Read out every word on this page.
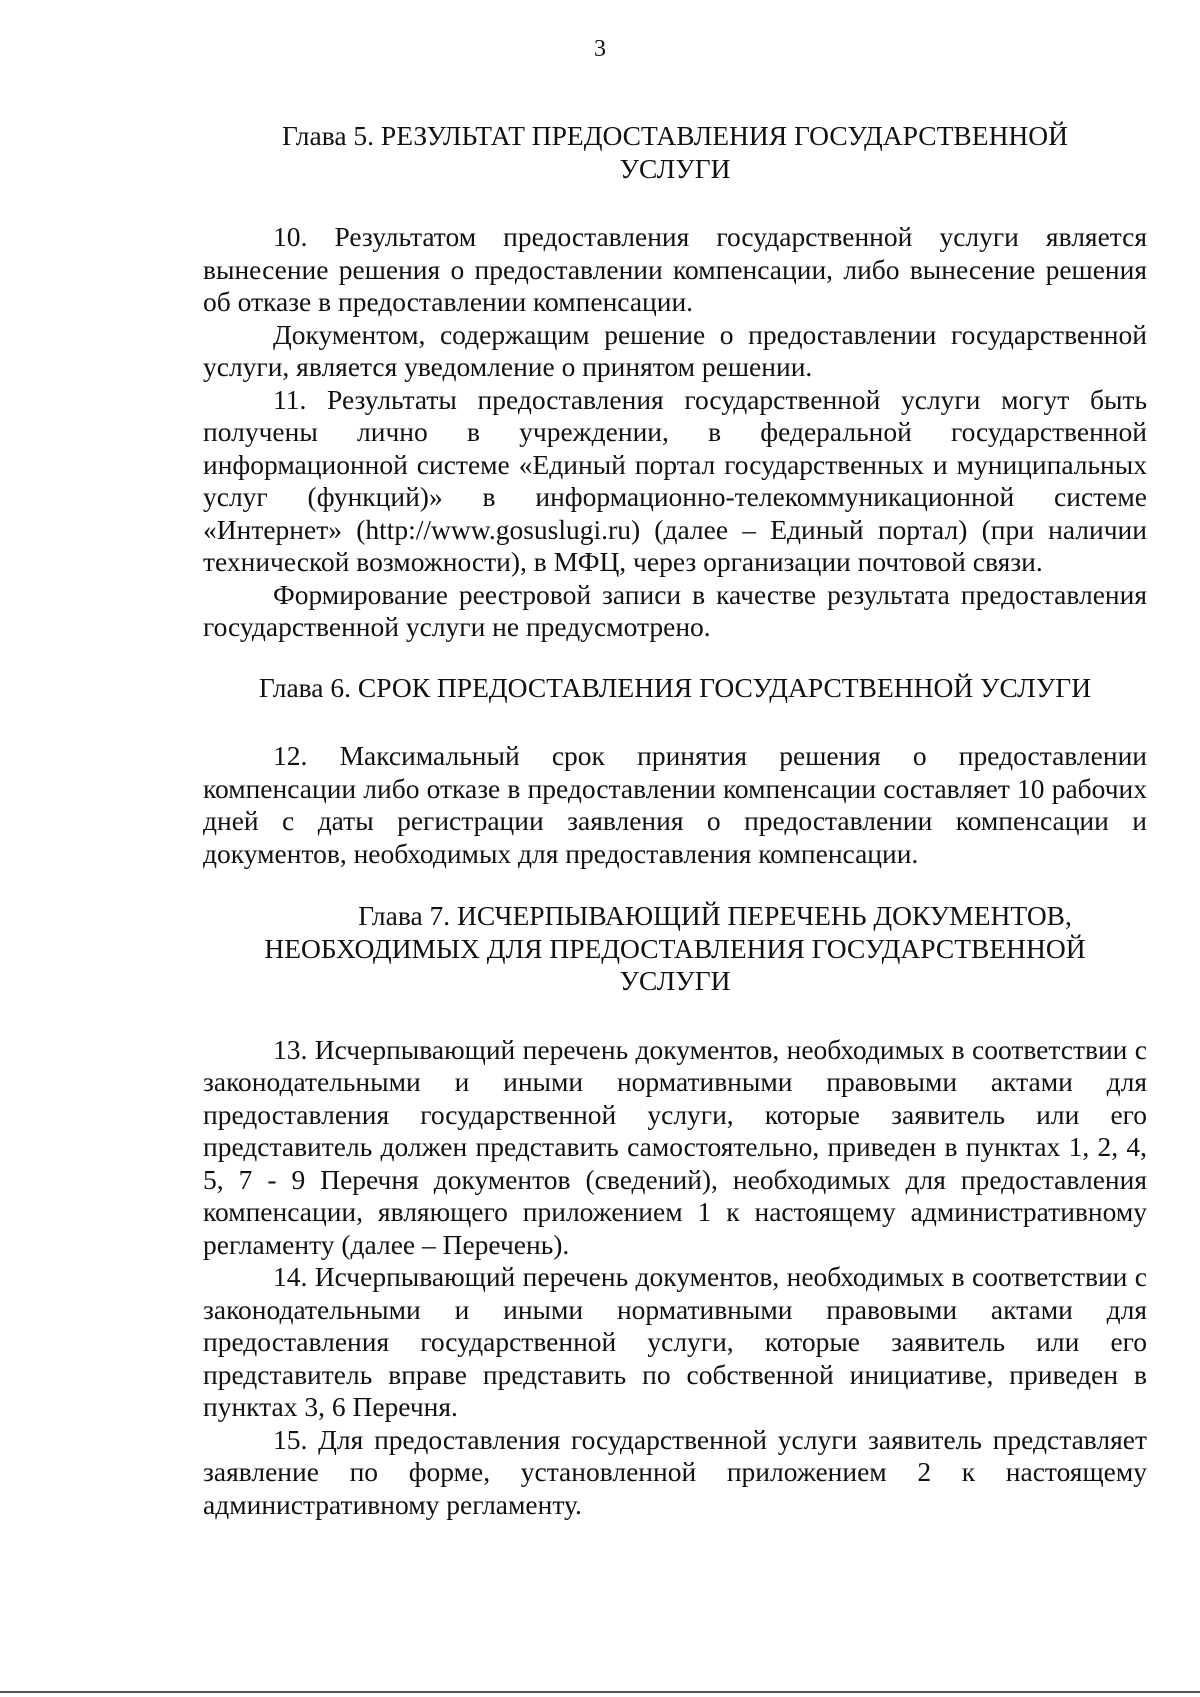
3
Глава 5. РЕЗУЛЬТАТ ПРЕДОСТАВЛЕНИЯ ГОСУДАРСТВЕННОЙ
УСЛУГИ

10. Результатом предоставления государственной услуги является вынесение решения о предоставлении компенсации, либо вынесение решения об отказе в предоставлении компенсации.

Документом, содержащим решение о предоставлении государственной услуги, является уведомление о принятом решении.

11. Результаты предоставления государственной услуги могут быть получены лично в учреждении, в федеральной государственной информационной системе «Единый портал государственных и муниципальных услуг (функций)» в информационно-телекоммуникационной системе «Интернет» (http://www.gosuslugi.ru) (далее – Единый портал) (при наличии технической возможности), в МФЦ, через организации почтовой связи.

Формирование реестровой записи в качестве результата предоставления государственной услуги не предусмотрено.

Глава 6. СРОК ПРЕДОСТАВЛЕНИЯ ГОСУДАРСТВЕННОЙ УСЛУГИ

12. Максимальный срок принятия решения о предоставлении компенсации либо отказе в предоставлении компенсации составляет 10 рабочих дней с даты регистрации заявления о предоставлении компенсации и документов, необходимых для предоставления компенсации.

Глава 7. ИСЧЕРПЫВАЮЩИЙ ПЕРЕЧЕНЬ ДОКУМЕНТОВ,
НЕОБХОДИМЫХ ДЛЯ ПРЕДОСТАВЛЕНИЯ ГОСУДАРСТВЕННОЙ
УСЛУГИ

13. Исчерпывающий перечень документов, необходимых в соответствии с законодательными и иными нормативными правовыми актами для предоставления государственной услуги, которые заявитель или его представитель должен представить самостоятельно, приведен в пунктах 1, 2, 4, 5, 7 - 9 Перечня документов (сведений), необходимых для предоставления компенсации, являющего приложением 1 к настоящему административному регламенту (далее – Перечень).

14. Исчерпывающий перечень документов, необходимых в соответствии с законодательными и иными нормативными правовыми актами для предоставления государственной услуги, которые заявитель или его представитель вправе представить по собственной инициативе, приведен в пунктах 3, 6 Перечня.

15. Для предоставления государственной услуги заявитель представляет заявление по форме, установленной приложением 2 к настоящему административному регламенту.
